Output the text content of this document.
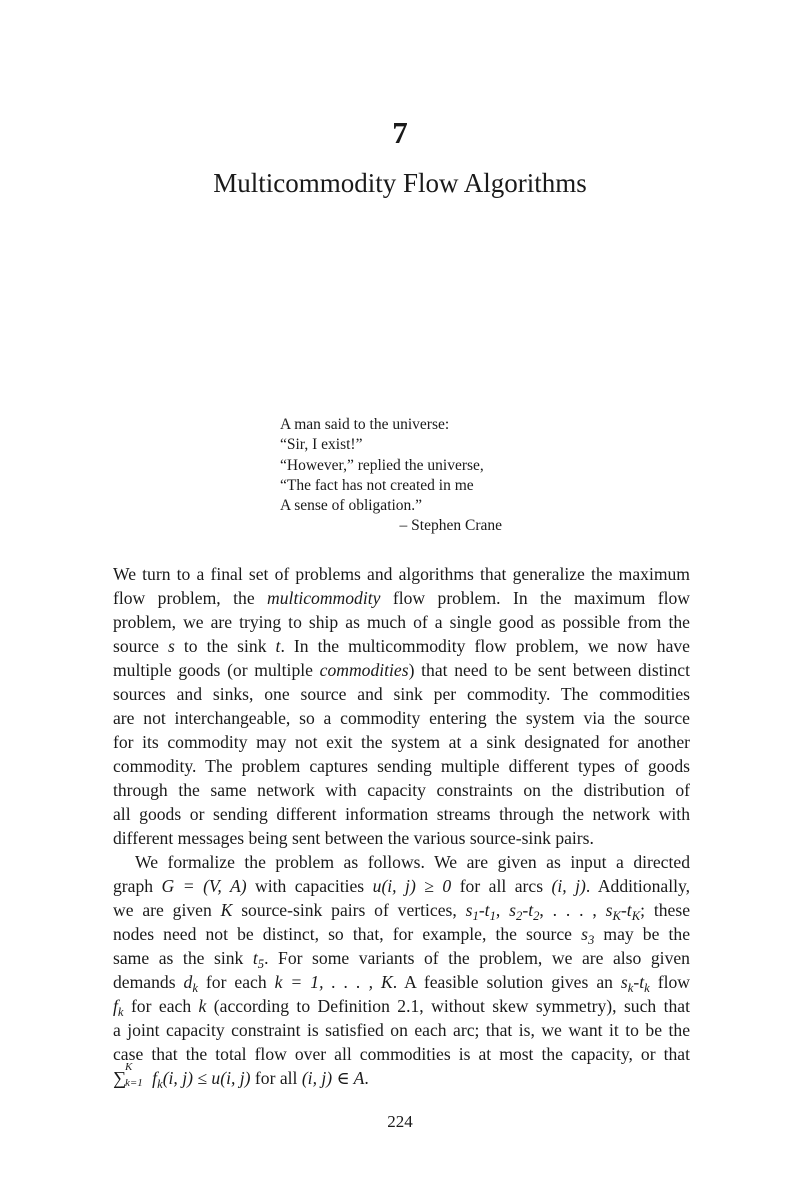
7
Multicommodity Flow Algorithms
A man said to the universe:
“Sir, I exist!”
“However,” replied the universe,
“The fact has not created in me
A sense of obligation.”
– Stephen Crane
We turn to a final set of problems and algorithms that generalize the maximum
flow problem, the multicommodity flow problem. In the maximum flow
problem, we are trying to ship as much of a single good as possible from the
source s to the sink t. In the multicommodity flow problem, we now have
multiple goods (or multiple commodities) that need to be sent between distinct
sources and sinks, one source and sink per commodity. The commodities
are not interchangeable, so a commodity entering the system via the source
for its commodity may not exit the system at a sink designated for another
commodity. The problem captures sending multiple different types of goods
through the same network with capacity constraints on the distribution of
all goods or sending different information streams through the network with
different messages being sent between the various source-sink pairs.
We formalize the problem as follows. We are given as input a directed
graph G = (V, A) with capacities u(i, j) ≥ 0 for all arcs (i, j). Additionally,
we are given K source-sink pairs of vertices, $s_1-t_1$, $s_2-t_2$, . . . , $s_K-t_K$; these
nodes need not be distinct, so that, for example, the source $s_3$ may be the
same as the sink $t_5$. For some variants of the problem, we are also given
demands $d_k$ for each k = 1, . . . , K. A feasible solution gives an $s_k-t_k$ flow
$f_k$ for each k (according to Definition 2.1, without skew symmetry), such that
a joint capacity constraint is satisfied on each arc; that is, we want it to be the
case that the total flow over all commodities is at most the capacity, or that
∑
K
k=1 $f_k(i$, j) ≤ u(i, j) for all (i, j) ∈ A.
224
